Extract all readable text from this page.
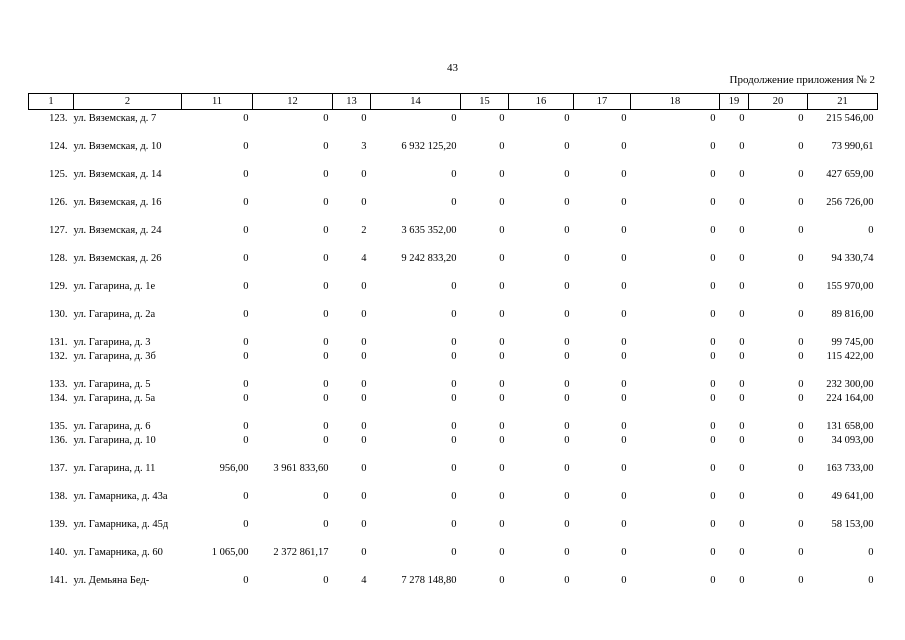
43
Продолжение приложения № 2
1	2	11	12	13	14	15	16	17	18	19	20	21
123.	ул. Вяземская, д. 7	0	0	0	0	0	0	0	0	0	0	215 546,00
124.	ул. Вяземская, д. 10	0	0	3	6 932 125,20	0	0	0	0	0	0	73 990,61
125.	ул. Вяземская, д. 14	0	0	0	0	0	0	0	0	0	0	427 659,00
126.	ул. Вяземская, д. 16	0	0	0	0	0	0	0	0	0	0	256 726,00
127.	ул. Вяземская, д. 24	0	0	2	3 635 352,00	0	0	0	0	0	0	0
128.	ул. Вяземская, д. 26	0	0	4	9 242 833,20	0	0	0	0	0	0	94 330,74
129.	ул. Гагарина, д. 1е	0	0	0	0	0	0	0	0	0	0	155 970,00
130.	ул. Гагарина, д. 2а	0	0	0	0	0	0	0	0	0	0	89 816,00
131.	ул. Гагарина, д. 3	0	0	0	0	0	0	0	0	0	0	99 745,00
132.	ул. Гагарина, д. 3б	0	0	0	0	0	0	0	0	0	0	115 422,00
133.	ул. Гагарина, д. 5	0	0	0	0	0	0	0	0	0	0	232 300,00
134.	ул. Гагарина, д. 5а	0	0	0	0	0	0	0	0	0	0	224 164,00
135.	ул. Гагарина, д. 6	0	0	0	0	0	0	0	0	0	0	131 658,00
136.	ул. Гагарина, д. 10	0	0	0	0	0	0	0	0	0	0	34 093,00
137.	ул. Гагарина, д. 11	956,00	3 961 833,60	0	0	0	0	0	0	0	0	163 733,00
138.	ул. Гамарника, д. 43а	0	0	0	0	0	0	0	0	0	0	49 641,00
139.	ул. Гамарника, д. 45д	0	0	0	0	0	0	0	0	0	0	58 153,00
140.	ул. Гамарника, д. 60	1 065,00	2 372 861,17	0	0	0	0	0	0	0	0	0
141.	ул. Демьяна Бед-	0	0	4	7 278 148,80	0	0	0	0	0	0	0
